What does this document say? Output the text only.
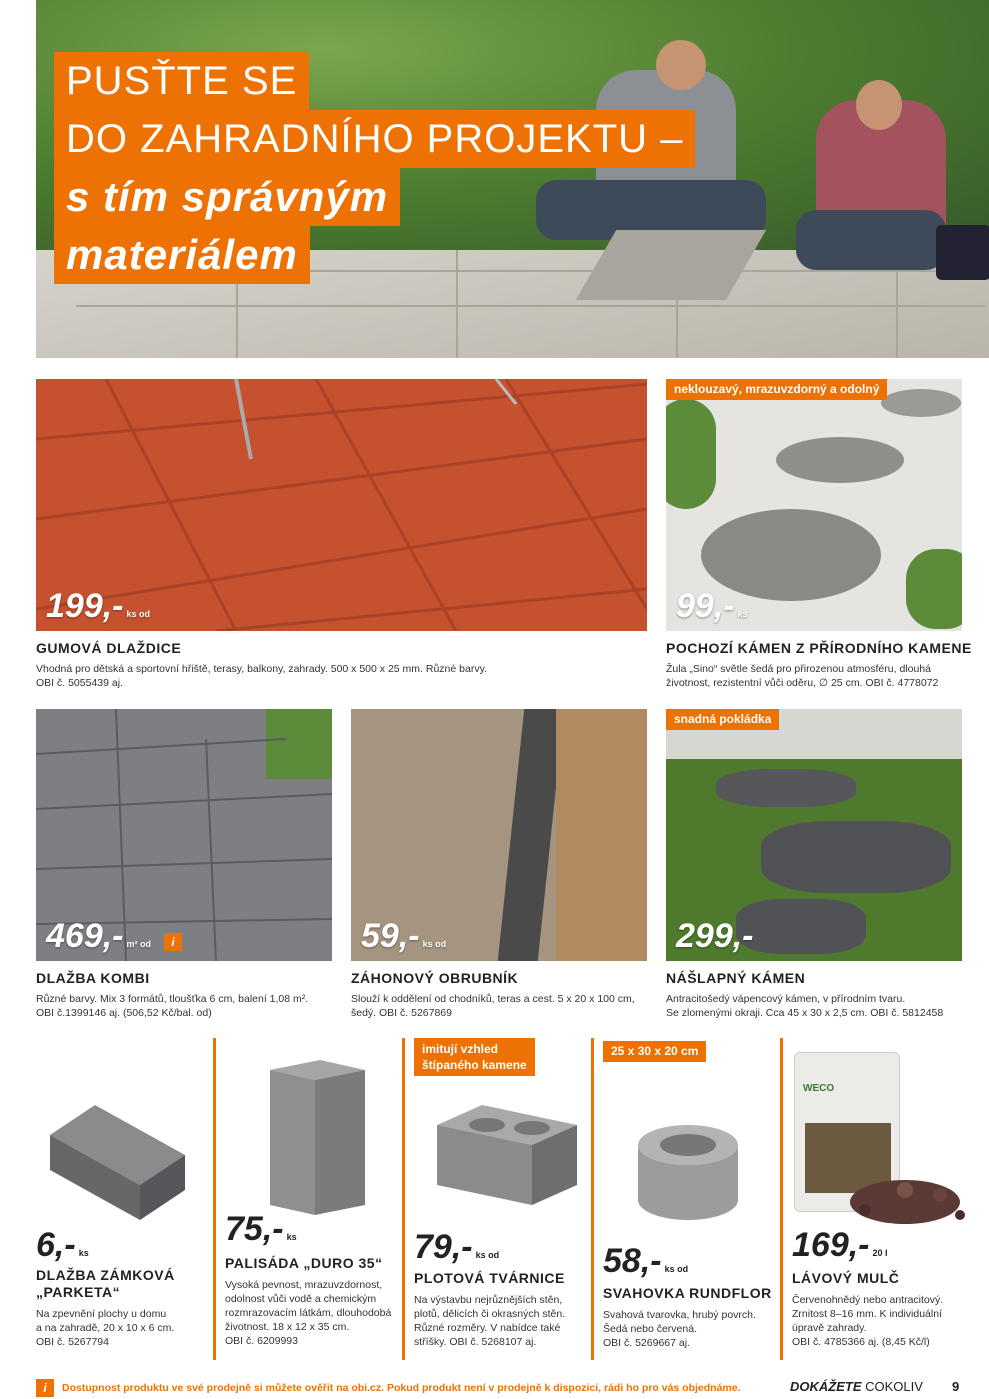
PUSŤTE SE
DO ZAHRADNÍHO PROJEKTU –
s tím správným
materiálem
199,- ks od
GUMOVÁ DLAŽDICE
Vhodná pro dětská a sportovní hřiště, terasy, balkony, zahrady. 500 x 500 x 25 mm. Různé barvy.
OBI č. 5055439 aj.
99,- ks
neklouzavý, mrazuvzdorný a odolný
POCHOZÍ KÁMEN Z PŘÍRODNÍHO KAMENE
Žula „Sino“ světle šedá pro přirozenou atmosféru, dlouhá
životnost, rezistentní vůči oděru, ∅ 25 cm. OBI č. 4778072
469,- m² od	i
DLAŽBA KOMBI
Různé barvy. Mix 3 formátů, tloušťka 6 cm, balení 1,08 m².
OBI č.1399146 aj. (506,52 Kč/bal. od)
59,- ks od
ZÁHONOVÝ OBRUBNÍK
Slouží k oddělení od chodníků, teras a cest. 5 x 20 x 100 cm,
šedý. OBI č. 5267869
299,-
snadná pokládka
NÁŠLAPNÝ KÁMEN
Antracitošedý vápencový kámen, v přírodním tvaru.
Se zlomenými okraji. Cca 45 x 30 x 2,5 cm. OBI č. 5812458
6,- ks
DLAŽBA ZÁMKOVÁ
„PARKETA“
Na zpevnění plochy u domu
a na zahradě, 20 x 10 x 6 cm.
OBI č. 5267794
75,- ks
PALISÁDA „DURO 35“
Vysoká pevnost, mrazuvzdornost,
odolnost vůči vodě a chemickým
rozmrazovacím látkám, dlouhodobá
životnost. 18 x 12 x 35 cm.
OBI č. 6209993
imitují vzhled
štípaného kamene
79,- ks od
PLOTOVÁ TVÁRNICE
Na výstavbu nejrůznějších stěn,
plotů, dělicích či okrasných stěn.
Různé rozměry. V nabídce také
stříšky. OBI č. 5268107 aj.
25 x 30 x 20 cm
58,- ks od
SVAHOVKA RUNDFLOR
Svahová tvarovka, hrubý povrch.
Šedá nebo červená.
OBI č. 5269667 aj.
WECO
169,- 20 l
LÁVOVÝ MULČ
Červenohnědý nebo antracitový.
Zrnitost 8–16 mm. K individuální
úpravě zahrady.
OBI č. 4785366 aj. (8,45 Kč/l)
i	Dostupnost produktu ve své prodejně si můžete ověřit na obi.cz. Pokud produkt není v prodejně k dispozici, rádi ho pro vás objednáme.	DOKÁŽETE COKOLIV 9
